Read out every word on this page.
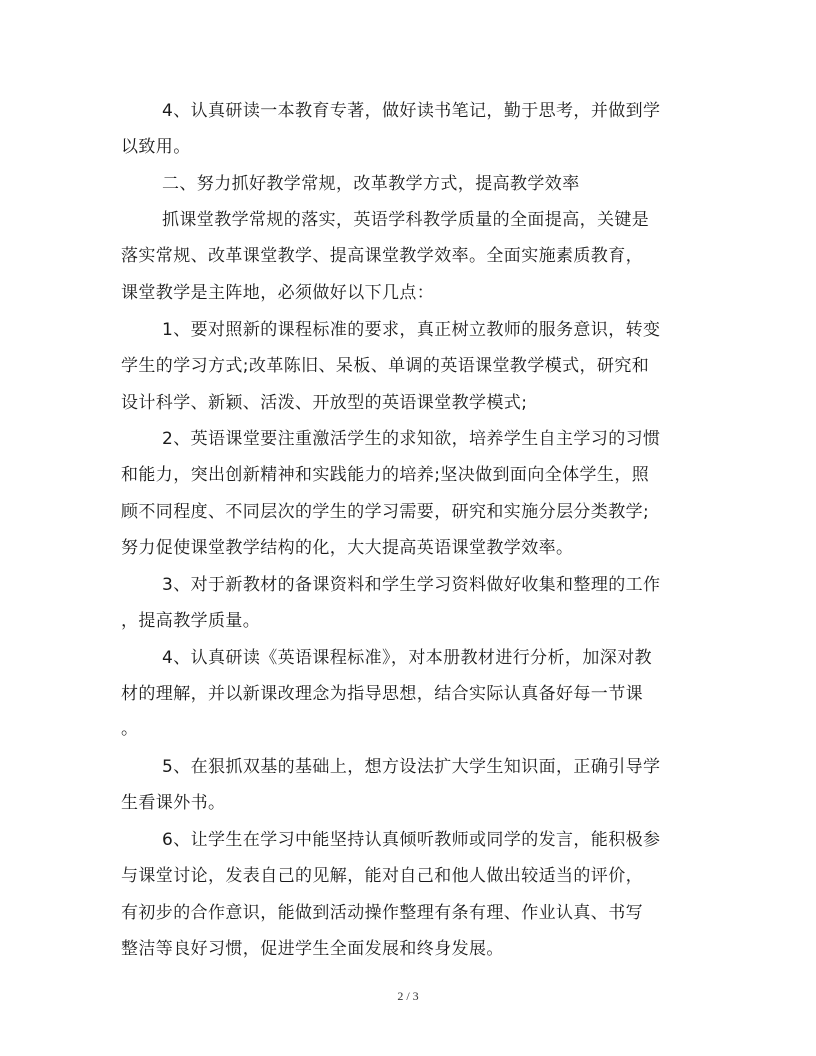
4、认真研读一本教育专著，做好读书笔记，勤于思考，并做到学
以致用。
二、努力抓好教学常规，改革教学方式，提高教学效率
抓课堂教学常规的落实，英语学科教学质量的全面提高，关键是
落实常规、改革课堂教学、提高课堂教学效率。全面实施素质教育，
课堂教学是主阵地，必须做好以下几点：
1、要对照新的课程标准的要求，真正树立教师的服务意识，转变
学生的学习方式;改革陈旧、呆板、单调的英语课堂教学模式，研究和
设计科学、新颖、活泼、开放型的英语课堂教学模式;
2、英语课堂要注重激活学生的求知欲，培养学生自主学习的习惯
和能力，突出创新精神和实践能力的培养;坚决做到面向全体学生，照
顾不同程度、不同层次的学生的学习需要，研究和实施分层分类教学;
努力促使课堂教学结构的化，大大提高英语课堂教学效率。
3、对于新教材的备课资料和学生学习资料做好收集和整理的工作
，提高教学质量。
4、认真研读《英语课程标准》，对本册教材进行分析，加深对教
材的理解，并以新课改理念为指导思想，结合实际认真备好每一节课
。
5、在狠抓双基的基础上，想方设法扩大学生知识面，正确引导学
生看课外书。
6、让学生在学习中能坚持认真倾听教师或同学的发言，能积极参
与课堂讨论，发表自己的见解，能对自己和他人做出较适当的评价，
有初步的合作意识，能做到活动操作整理有条有理、作业认真、书写
整洁等良好习惯，促进学生全面发展和终身发展。
2 / 3
